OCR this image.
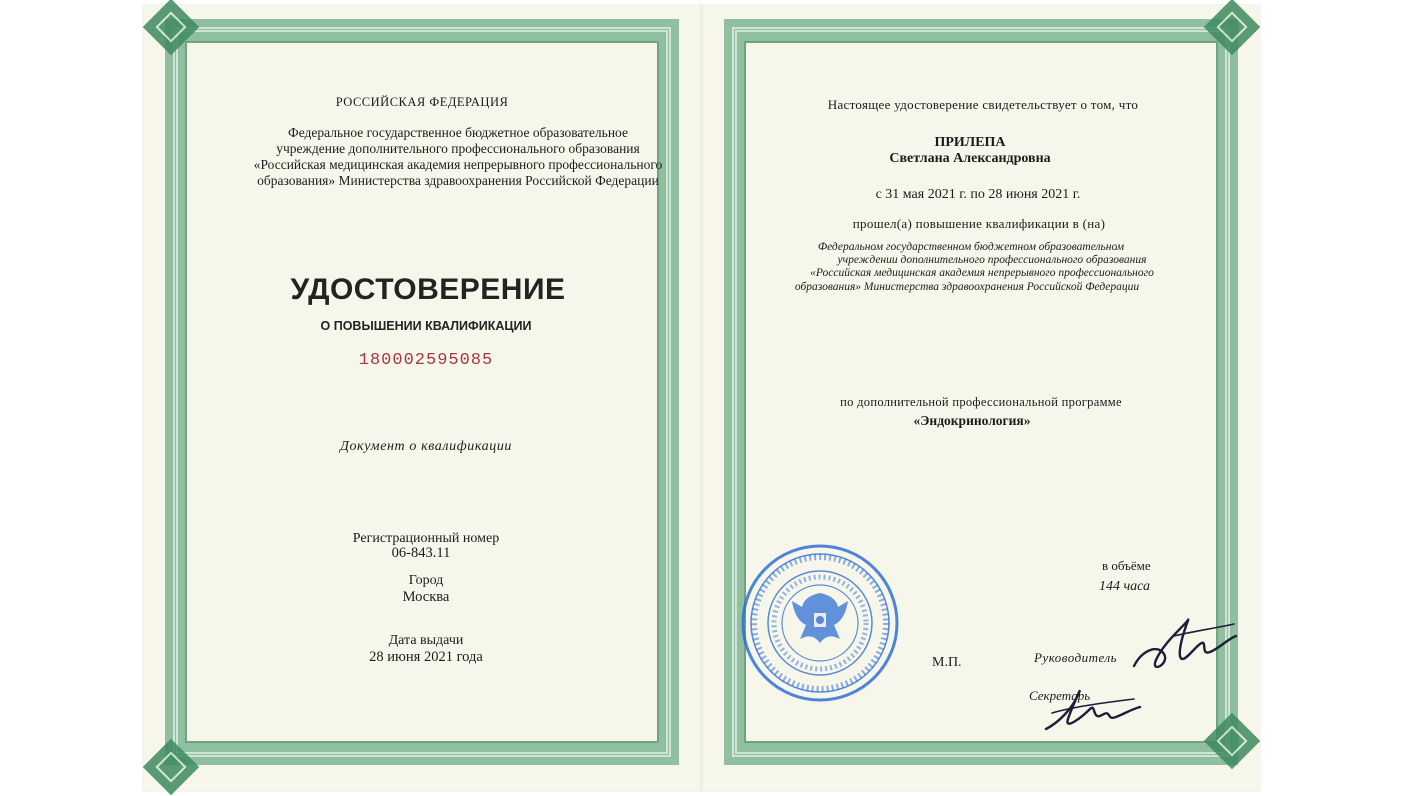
РОССИЙСКАЯ ФЕДЕРАЦИЯ
Федеральное государственное бюджетное образовательное
учреждение дополнительного профессионального образования
«Российская медицинская академия непрерывного профессионального
образования» Министерства здравоохранения Российской Федерации
УДОСТОВЕРЕНИЕ
О ПОВЫШЕНИИ КВАЛИФИКАЦИИ
180002595085
Документ о квалификации
Регистрационный номер
06-843.11
Город
Москва
Дата выдачи
28 июня 2021 года
Настоящее удостоверение свидетельствует о том, что
ПРИЛЕПА
Светлана Александровна
с 31 мая 2021 г. по 28 июня 2021 г.
прошел(а) повышение квалификации в (на)
Федеральном государственном бюджетном образовательном
учреждении дополнительного профессионального образования
«Российская медицинская академия непрерывного профессионального
образования» Министерства здравоохранения Российской Федерации
по дополнительной профессиональной программе
«Эндокринология»
в объёме
144 часа
М.П.	Руководитель
Секретарь
